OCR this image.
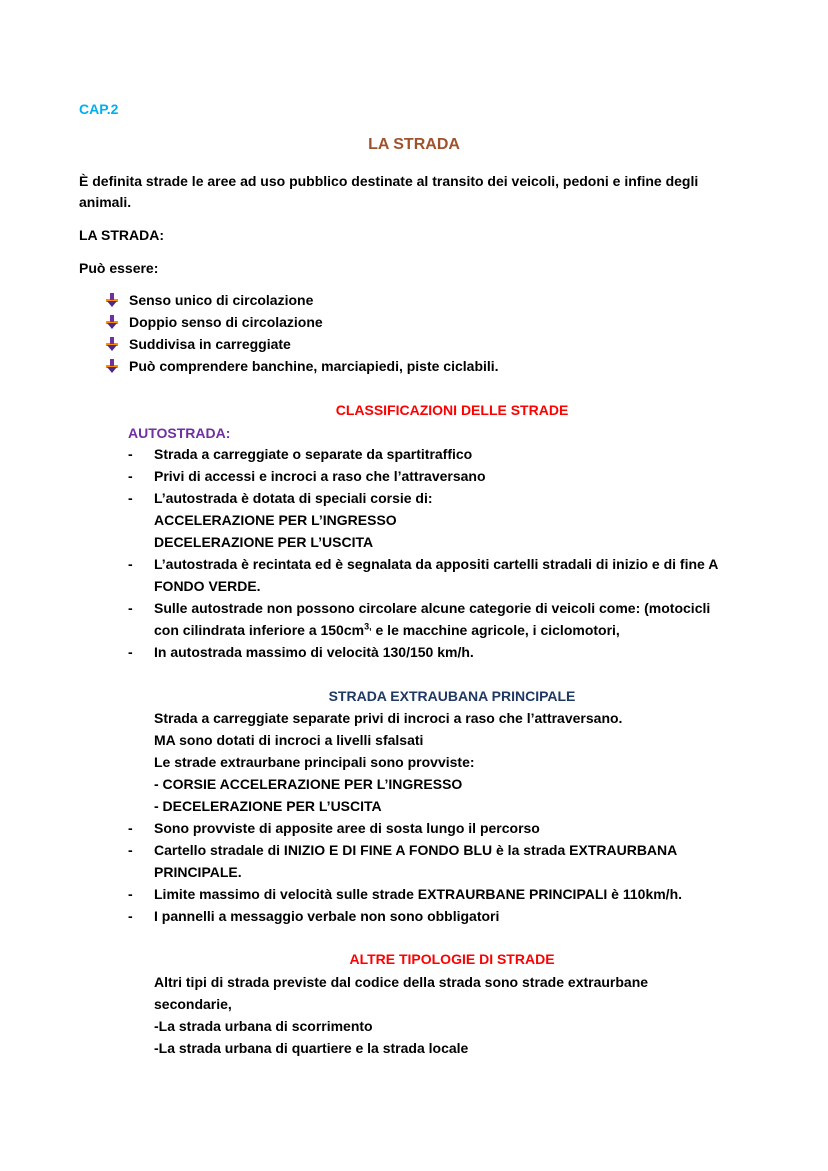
CAP.2
LA STRADA
È definita strade le aree ad uso pubblico destinate al transito dei veicoli, pedoni e infine degli
animali.
LA STRADA:
Può essere:
Senso unico di circolazione
Doppio senso di circolazione
Suddivisa in carreggiate
Può comprendere banchine, marciapiedi, piste ciclabili.
CLASSIFICAZIONI DELLE STRADE
AUTOSTRADA:
- Strada a carreggiate o separate da spartitraffico
- Privi di accessi e incroci a raso che l’attraversano
- L’autostrada è dotata di speciali corsie di:
ACCELERAZIONE PER L’INGRESSO
DECELERAZIONE PER L’USCITA
- L’autostrada è recintata ed è segnalata da appositi cartelli stradali di inizio e di fine A
FONDO VERDE.
- Sulle autostrade non possono circolare alcune categorie di veicoli come: (motocicli
con cilindrata inferiore a $150cm^{3,}$ e le macchine agricole, i ciclomotori,
- In autostrada massimo di velocità 130/150 km/h.
STRADA EXTRAUBANA PRINCIPALE
Strada a carreggiate separate privi di incroci a raso che l’attraversano.
MA sono dotati di incroci a livelli sfalsati
Le strade extraurbane principali sono provviste:
- CORSIE ACCELERAZIONE PER L’INGRESSO
- DECELERAZIONE PER L’USCITA
- Sono provviste di apposite aree di sosta lungo il percorso
- Cartello stradale di INIZIO E DI FINE A FONDO BLU è la strada EXTRAURBANA
PRINCIPALE.
- Limite massimo di velocità sulle strade EXTRAURBANE PRINCIPALI è 110km/h.
- I pannelli a messaggio verbale non sono obbligatori
ALTRE TIPOLOGIE DI STRADE
Altri tipi di strada previste dal codice della strada sono strade extraurbane
secondarie,
-La strada urbana di scorrimento
-La strada urbana di quartiere e la strada locale
